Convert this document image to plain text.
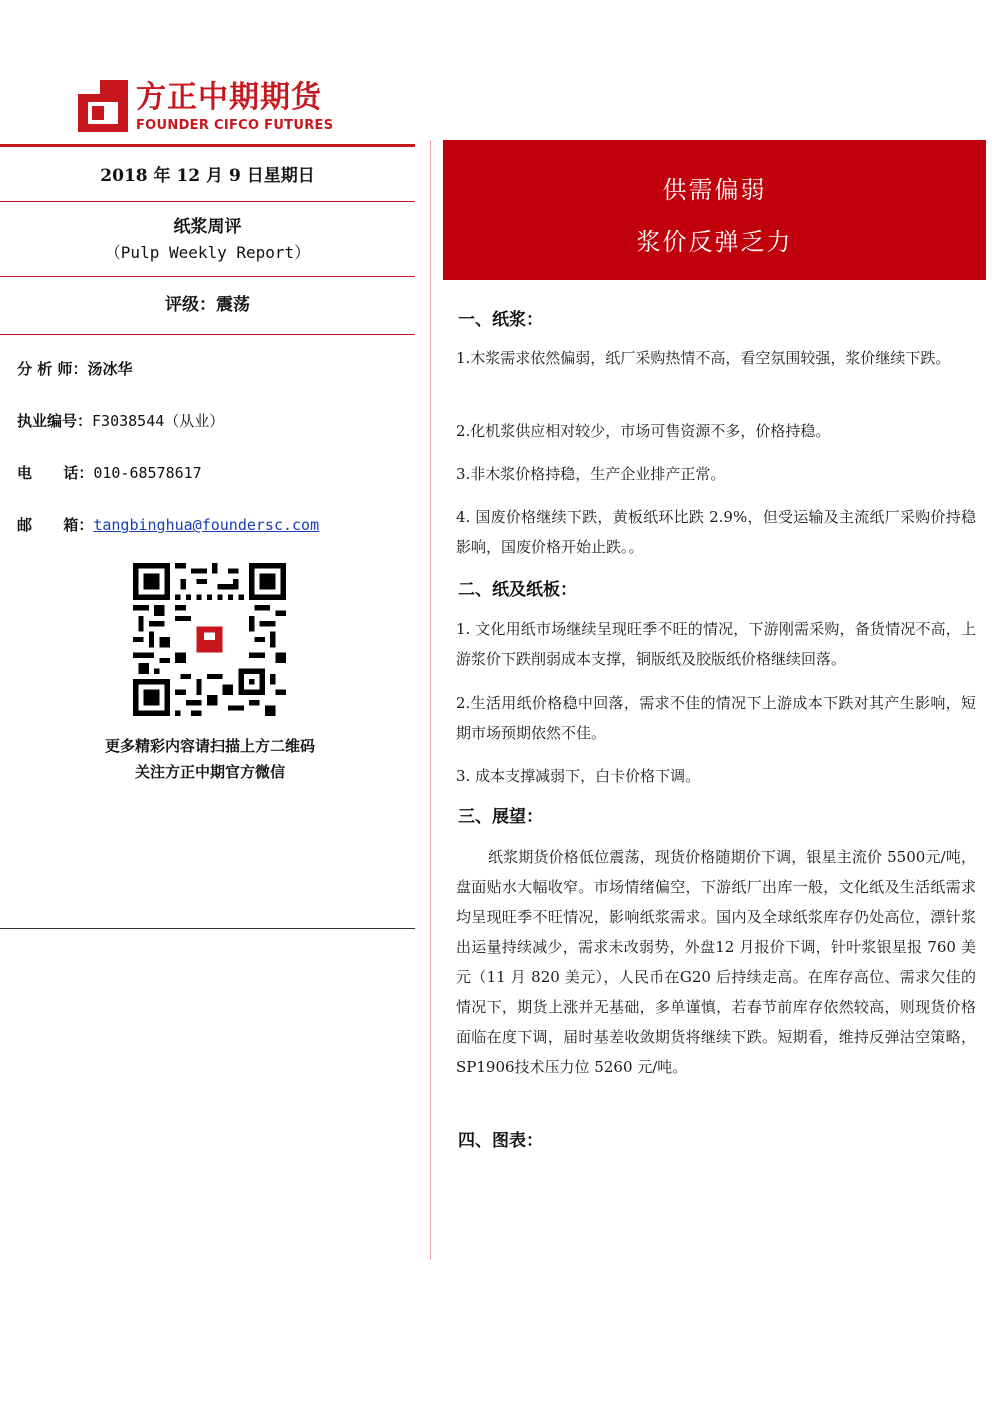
方正中期期货
FOUNDER CIFCO FUTURES
2018 年 12 月 9 日星期日
纸浆周评
（Pulp Weekly Report）
评级：震荡
分 析 师：汤冰华
执业编号：F3038544（从业）
电      话：010-68578617
邮      箱：tangbinghua@foundersc.com
更多精彩内容请扫描上方二维码
关注方正中期官方微信
供需偏弱
浆价反弹乏力
一、纸浆：
1.木浆需求依然偏弱，纸厂采购热情不高，看空氛围较强，浆价继续下跌。
2.化机浆供应相对较少，市场可售资源不多，价格持稳。
3.非木浆价格持稳，生产企业排产正常。
4. 国废价格继续下跌，黄板纸环比跌 2.9%，但受运输及主流纸厂采购价持稳影响，国废价格开始止跌。。
二、纸及纸板：
1. 文化用纸市场继续呈现旺季不旺的情况，下游刚需采购，备货情况不高，上游浆价下跌削弱成本支撑，铜版纸及胶版纸价格继续回落。
2.生活用纸价格稳中回落，需求不佳的情况下上游成本下跌对其产生影响，短期市场预期依然不佳。
3. 成本支撑减弱下，白卡价格下调。
三、展望：
纸浆期货价格低位震荡，现货价格随期价下调，银星主流价 5500元/吨，盘面贴水大幅收窄。市场情绪偏空，下游纸厂出库一般，文化纸及生活纸需求均呈现旺季不旺情况，影响纸浆需求。国内及全球纸浆库存仍处高位，漂针浆出运量持续减少，需求未改弱势，外盘12 月报价下调，针叶浆银星报 760 美元（11 月 820 美元），人民币在G20 后持续走高。在库存高位、需求欠佳的情况下，期货上涨并无基础，多单谨慎，若春节前库存依然较高，则现货价格面临在度下调，届时基差收敛期货将继续下跌。短期看，维持反弹沽空策略，SP1906技术压力位 5260 元/吨。
四、图表：
